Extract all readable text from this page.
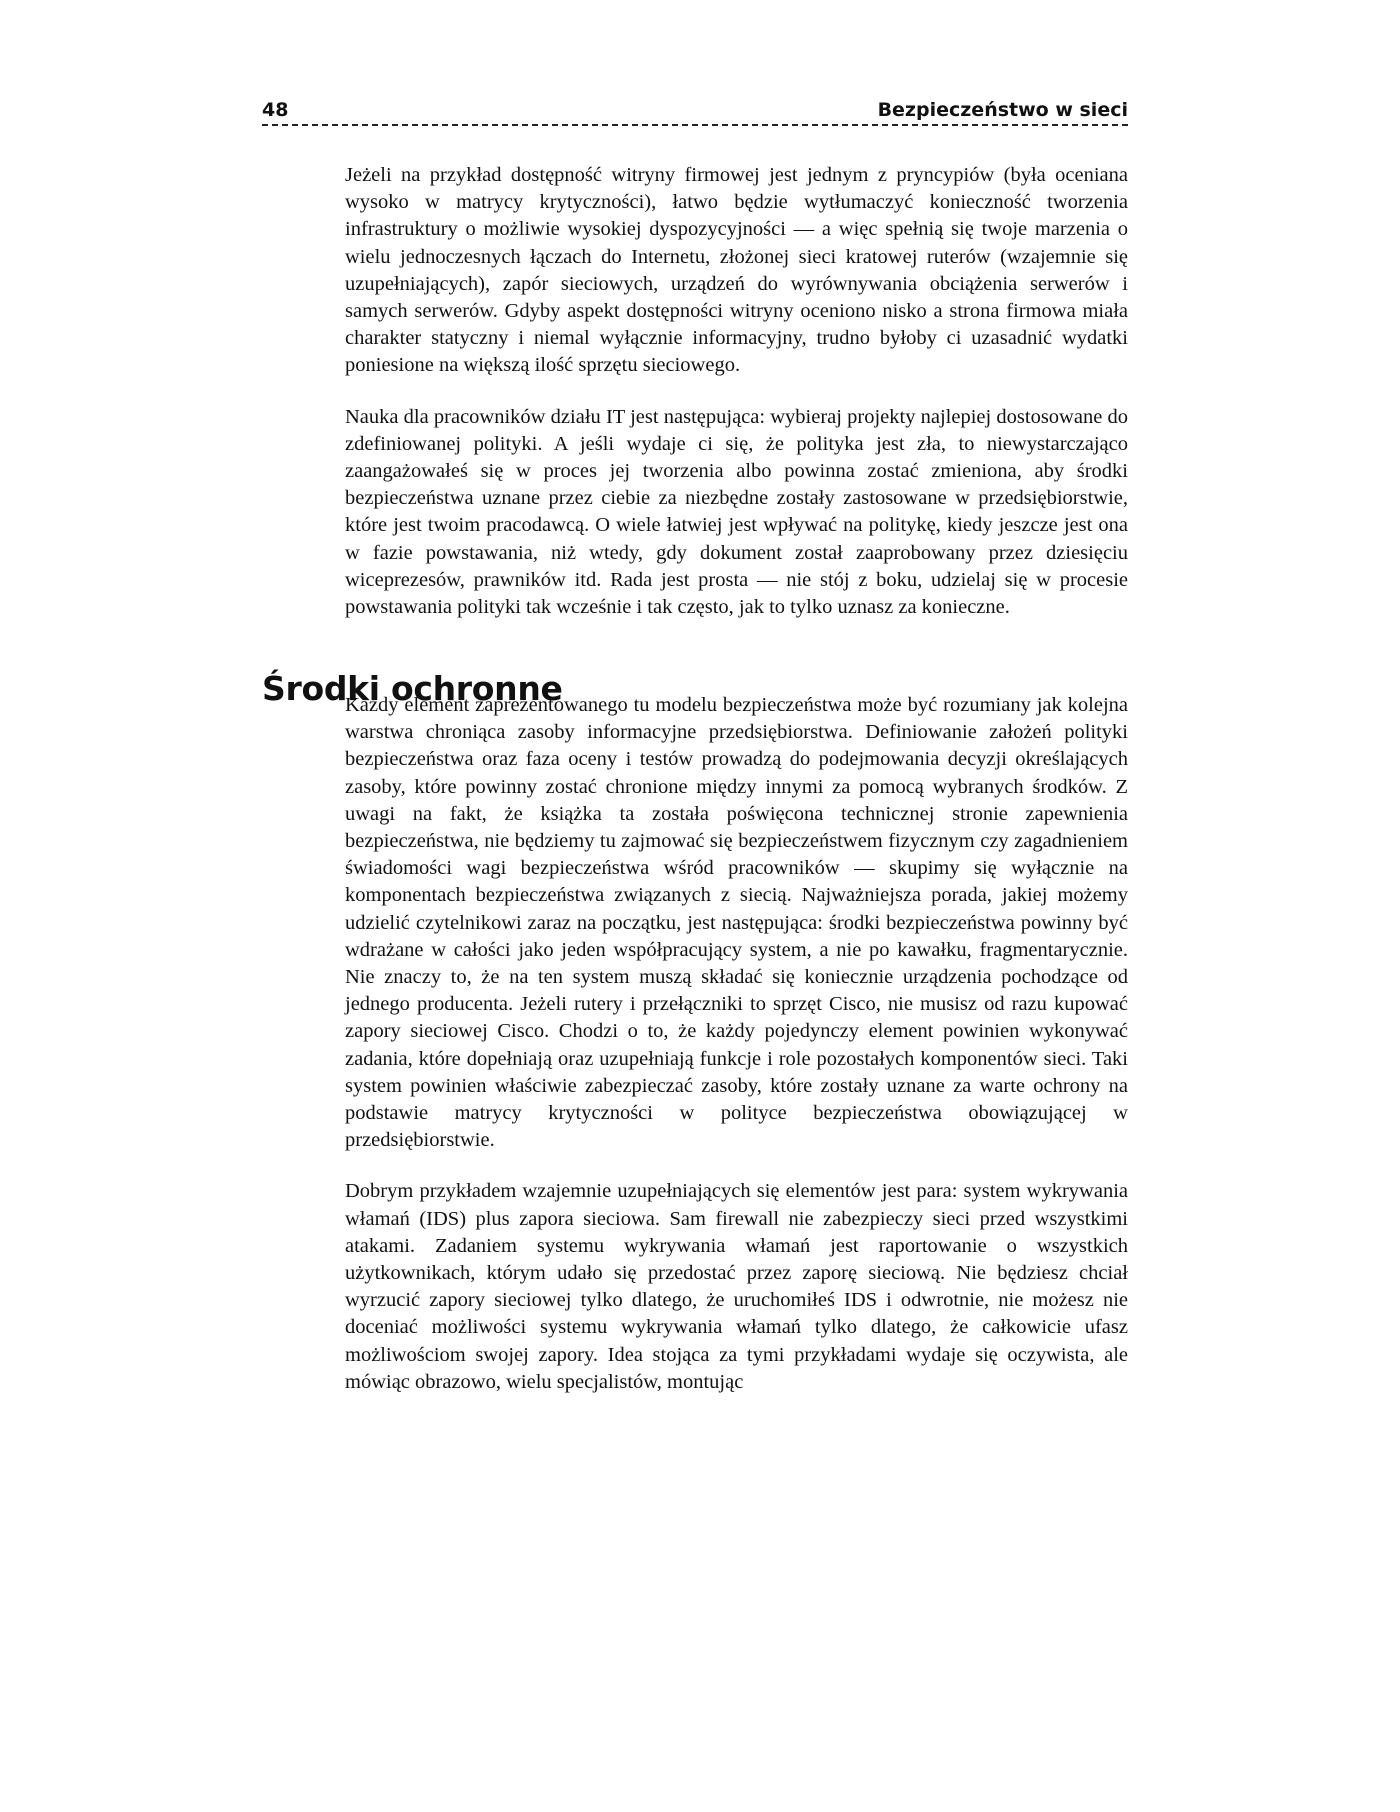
48	Bezpieczeństwo w sieci

Jeżeli na przykład dostępność witryny firmowej jest jednym z pryncypiów (była oceniana wysoko w matrycy krytyczności), łatwo będzie wytłumaczyć konieczność tworzenia infrastruktury o możliwie wysokiej dyspozycyjności — a więc spełnią się twoje marzenia o wielu jednoczesnych łączach do Internetu, złożonej sieci kratowej ruterów (wzajemnie się uzupełniających), zapór sieciowych, urządzeń do wyrównywania obciążenia serwerów i samych serwerów. Gdyby aspekt dostępności witryny oceniono nisko a strona firmowa miała charakter statyczny i niemal wyłącznie informacyjny, trudno byłoby ci uzasadnić wydatki poniesione na większą ilość sprzętu sieciowego.

Nauka dla pracowników działu IT jest następująca: wybieraj projekty najlepiej dostosowane do zdefiniowanej polityki. A jeśli wydaje ci się, że polityka jest zła, to niewystarczająco zaangażowałeś się w proces jej tworzenia albo powinna zostać zmieniona, aby środki bezpieczeństwa uznane przez ciebie za niezbędne zostały zastosowane w przedsiębiorstwie, które jest twoim pracodawcą. O wiele łatwiej jest wpływać na politykę, kiedy jeszcze jest ona w fazie powstawania, niż wtedy, gdy dokument został zaaprobowany przez dziesięciu wiceprezesów, prawników itd. Rada jest prosta — nie stój z boku, udzielaj się w procesie powstawania polityki tak wcześnie i tak często, jak to tylko uznasz za konieczne.

Środki ochronne

Każdy element zaprezentowanego tu modelu bezpieczeństwa może być rozumiany jak kolejna warstwa chroniąca zasoby informacyjne przedsiębiorstwa. Definiowanie założeń polityki bezpieczeństwa oraz faza oceny i testów prowadzą do podejmowania decyzji określających zasoby, które powinny zostać chronione między innymi za pomocą wybranych środków. Z uwagi na fakt, że książka ta została poświęcona technicznej stronie zapewnienia bezpieczeństwa, nie będziemy tu zajmować się bezpieczeństwem fizycznym czy zagadnieniem świadomości wagi bezpieczeństwa wśród pracowników — skupimy się wyłącznie na komponentach bezpieczeństwa związanych z siecią. Najważniejsza porada, jakiej możemy udzielić czytelnikowi zaraz na początku, jest następująca: środki bezpieczeństwa powinny być wdrażane w całości jako jeden współpracujący system, a nie po kawałku, fragmentarycznie. Nie znaczy to, że na ten system muszą składać się koniecznie urządzenia pochodzące od jednego producenta. Jeżeli rutery i przełączniki to sprzęt Cisco, nie musisz od razu kupować zapory sieciowej Cisco. Chodzi o to, że każdy pojedynczy element powinien wykonywać zadania, które dopełniają oraz uzupełniają funkcje i role pozostałych komponentów sieci. Taki system powinien właściwie zabezpieczać zasoby, które zostały uznane za warte ochrony na podstawie matrycy krytyczności w polityce bezpieczeństwa obowiązującej w przedsiębiorstwie.

Dobrym przykładem wzajemnie uzupełniających się elementów jest para: system wykrywania włamań (IDS) plus zapora sieciowa. Sam firewall nie zabezpieczy sieci przed wszystkimi atakami. Zadaniem systemu wykrywania włamań jest raportowanie o wszystkich użytkownikach, którym udało się przedostać przez zaporę sieciową. Nie będziesz chciał wyrzucić zapory sieciowej tylko dlatego, że uruchomiłeś IDS i odwrotnie, nie możesz nie doceniać możliwości systemu wykrywania włamań tylko dlatego, że całkowicie ufasz możliwościom swojej zapory. Idea stojąca za tymi przykładami wydaje się oczywista, ale mówiąc obrazowo, wielu specjalistów, montując
